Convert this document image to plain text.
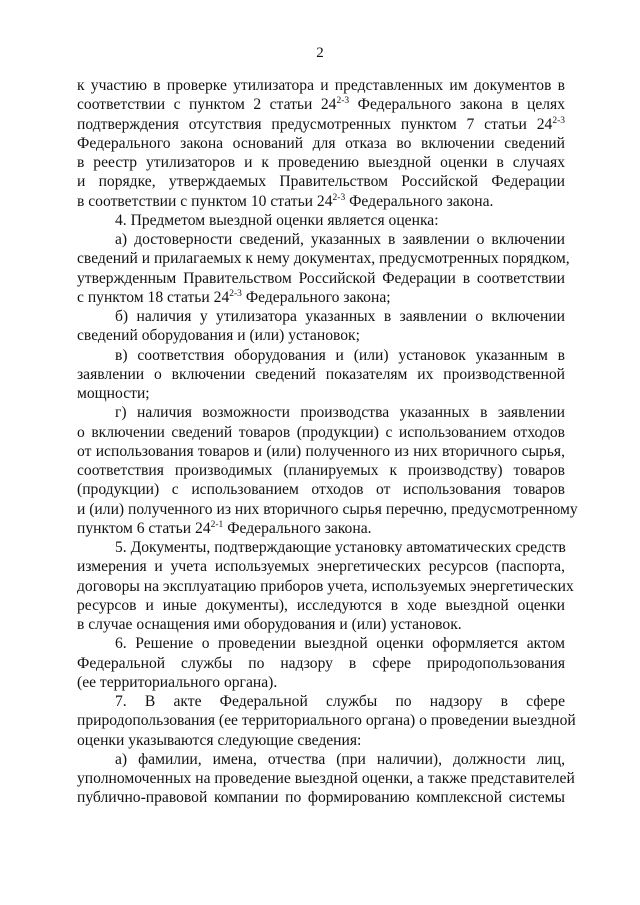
2
к участию в проверке утилизатора и представленных им документов в
соответствии с пунктом 2 статьи 24$^{2-3}$ Федерального закона в целях
подтверждения отсутствия предусмотренных пунктом 7 статьи 24$^{2-3}$
Федерального закона оснований для отказа во включении сведений
в реестр утилизаторов и к проведению выездной оценки в случаях
и порядке, утверждаемых Правительством Российской Федерации
в соответствии с пунктом 10 статьи 24$^{2-3}$ Федерального закона.
4. Предметом выездной оценки является оценка:
а) достоверности сведений, указанных в заявлении о включении
сведений и прилагаемых к нему документах, предусмотренных порядком,
утвержденным Правительством Российской Федерации в соответствии
с пунктом 18 статьи 24$^{2-3}$ Федерального закона;
б) наличия у утилизатора указанных в заявлении о включении
сведений оборудования и (или) установок;
в) соответствия оборудования и (или) установок указанным в
заявлении о включении сведений показателям их производственной
мощности;
г) наличия возможности производства указанных в заявлении
о включении сведений товаров (продукции) с использованием отходов
от использования товаров и (или) полученного из них вторичного сырья,
соответствия производимых (планируемых к производству) товаров
(продукции) с использованием отходов от использования товаров
и (или) полученного из них вторичного сырья перечню, предусмотренному
пунктом 6 статьи 24$^{2-1}$ Федерального закона.
5. Документы, подтверждающие установку автоматических средств
измерения и учета используемых энергетических ресурсов (паспорта,
договоры на эксплуатацию приборов учета, используемых энергетических
ресурсов и иные документы), исследуются в ходе выездной оценки
в случае оснащения ими оборудования и (или) установок.
6. Решение о проведении выездной оценки оформляется актом
Федеральной службы по надзору в сфере природопользования
(ее территориального органа).
7. В акте Федеральной службы по надзору в сфере
природопользования (ее территориального органа) о проведении выездной
оценки указываются следующие сведения:
а) фамилии, имена, отчества (при наличии), должности лиц,
уполномоченных на проведение выездной оценки, а также представителей
публично-правовой компании по формированию комплексной системы
